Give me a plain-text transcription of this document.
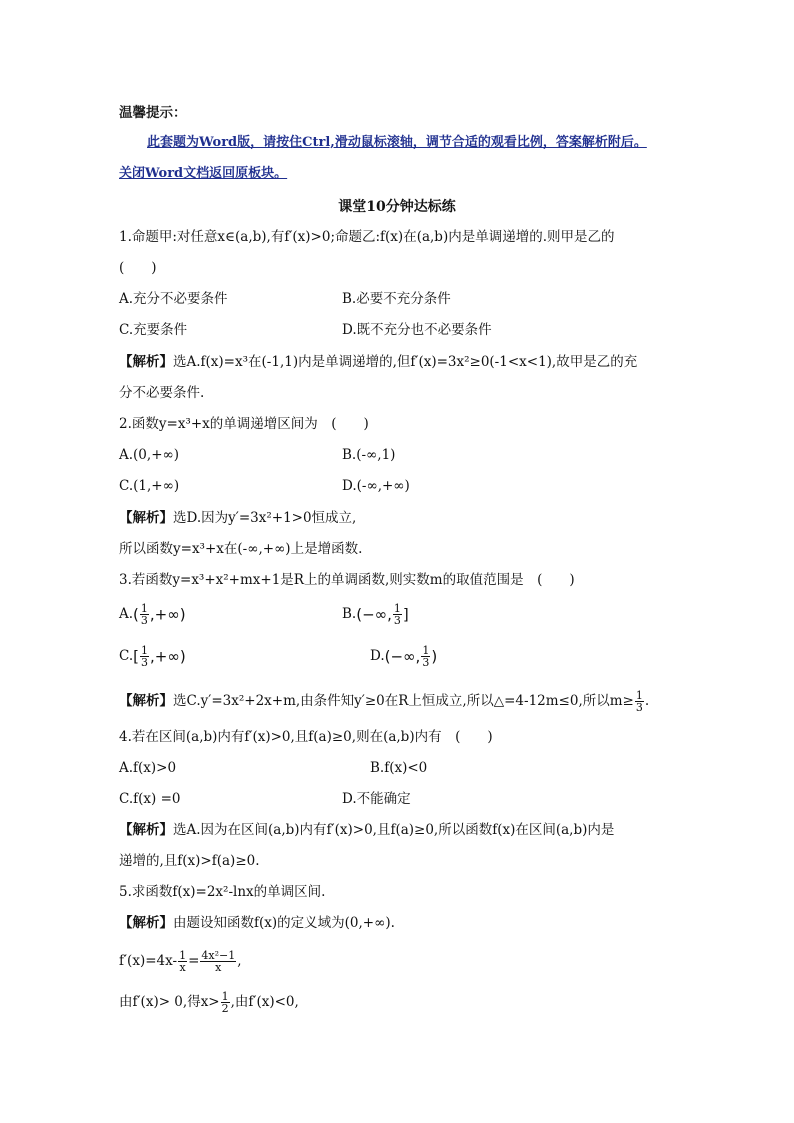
温馨提示：
此套题为Word版，请按住Ctrl,滑动鼠标滚轴，调节合适的观看比例，答案解析附后。
关闭Word文档返回原板块。
课堂10分钟达标练
1.命题甲:对任意x∈(a,b),有f′(x)>0;命题乙:f(x)在(a,b)内是单调递增的.则甲是乙的
(　　)
A.充分不必要条件	B.必要不充分条件
C.充要条件	D.既不充分也不必要条件
【解析】选A.f(x)=x³在(-1,1)内是单调递增的,但f′(x)=3x²≥0(-1<x<1),故甲是乙的充
分不必要条件.
2.函数y=x³+x的单调递增区间为　(　　)
A.(0,+∞)	B.(-∞,1)
C.(1,+∞)	D.(-∞,+∞)
【解析】选D.因为y′=3x²+1>0恒成立,
所以函数y=x³+x在(-∞,+∞)上是增函数.
3.若函数y=x³+x²+mx+1是R上的单调函数,则实数m的取值范围是　(　　)
$A.( \frac{1}{3}$ ,+∞)	B.(−∞, $\frac{1}{3}$ ]
$C.[ \frac{1}{3}$ ,+∞)	D.(−∞, $\frac{1}{3}$ )
【解析】选C.y′=3x²+2x+m,由条件知y′≥0在R上恒成立,所以△=4-12m≤0,所以$m\ge \frac{1}{3}$ .
4.若在区间(a,b)内有f′(x)>0,且f(a)≥0,则在(a,b)内有　(　　)
A.f(x)>0	B.f(x)<0
C.f(x) =0	D.不能确定
【解析】选A.因为在区间(a,b)内有f′(x)>0,且f(a)≥0,所以函数f(x)在区间(a,b)内是
递增的,且f(x)>f(a)≥0.
5.求函数f(x)=2x²-lnx的单调区间.
【解析】由题设知函数f(x)的定义域为(0,+∞).
$f'(x)=4x- \frac{1}{x} = \frac{\text{4x²−1}}{x}$ ,
由f′(x)> 0,得$x> \frac{1}{2}$ ,由f′(x)<0,
